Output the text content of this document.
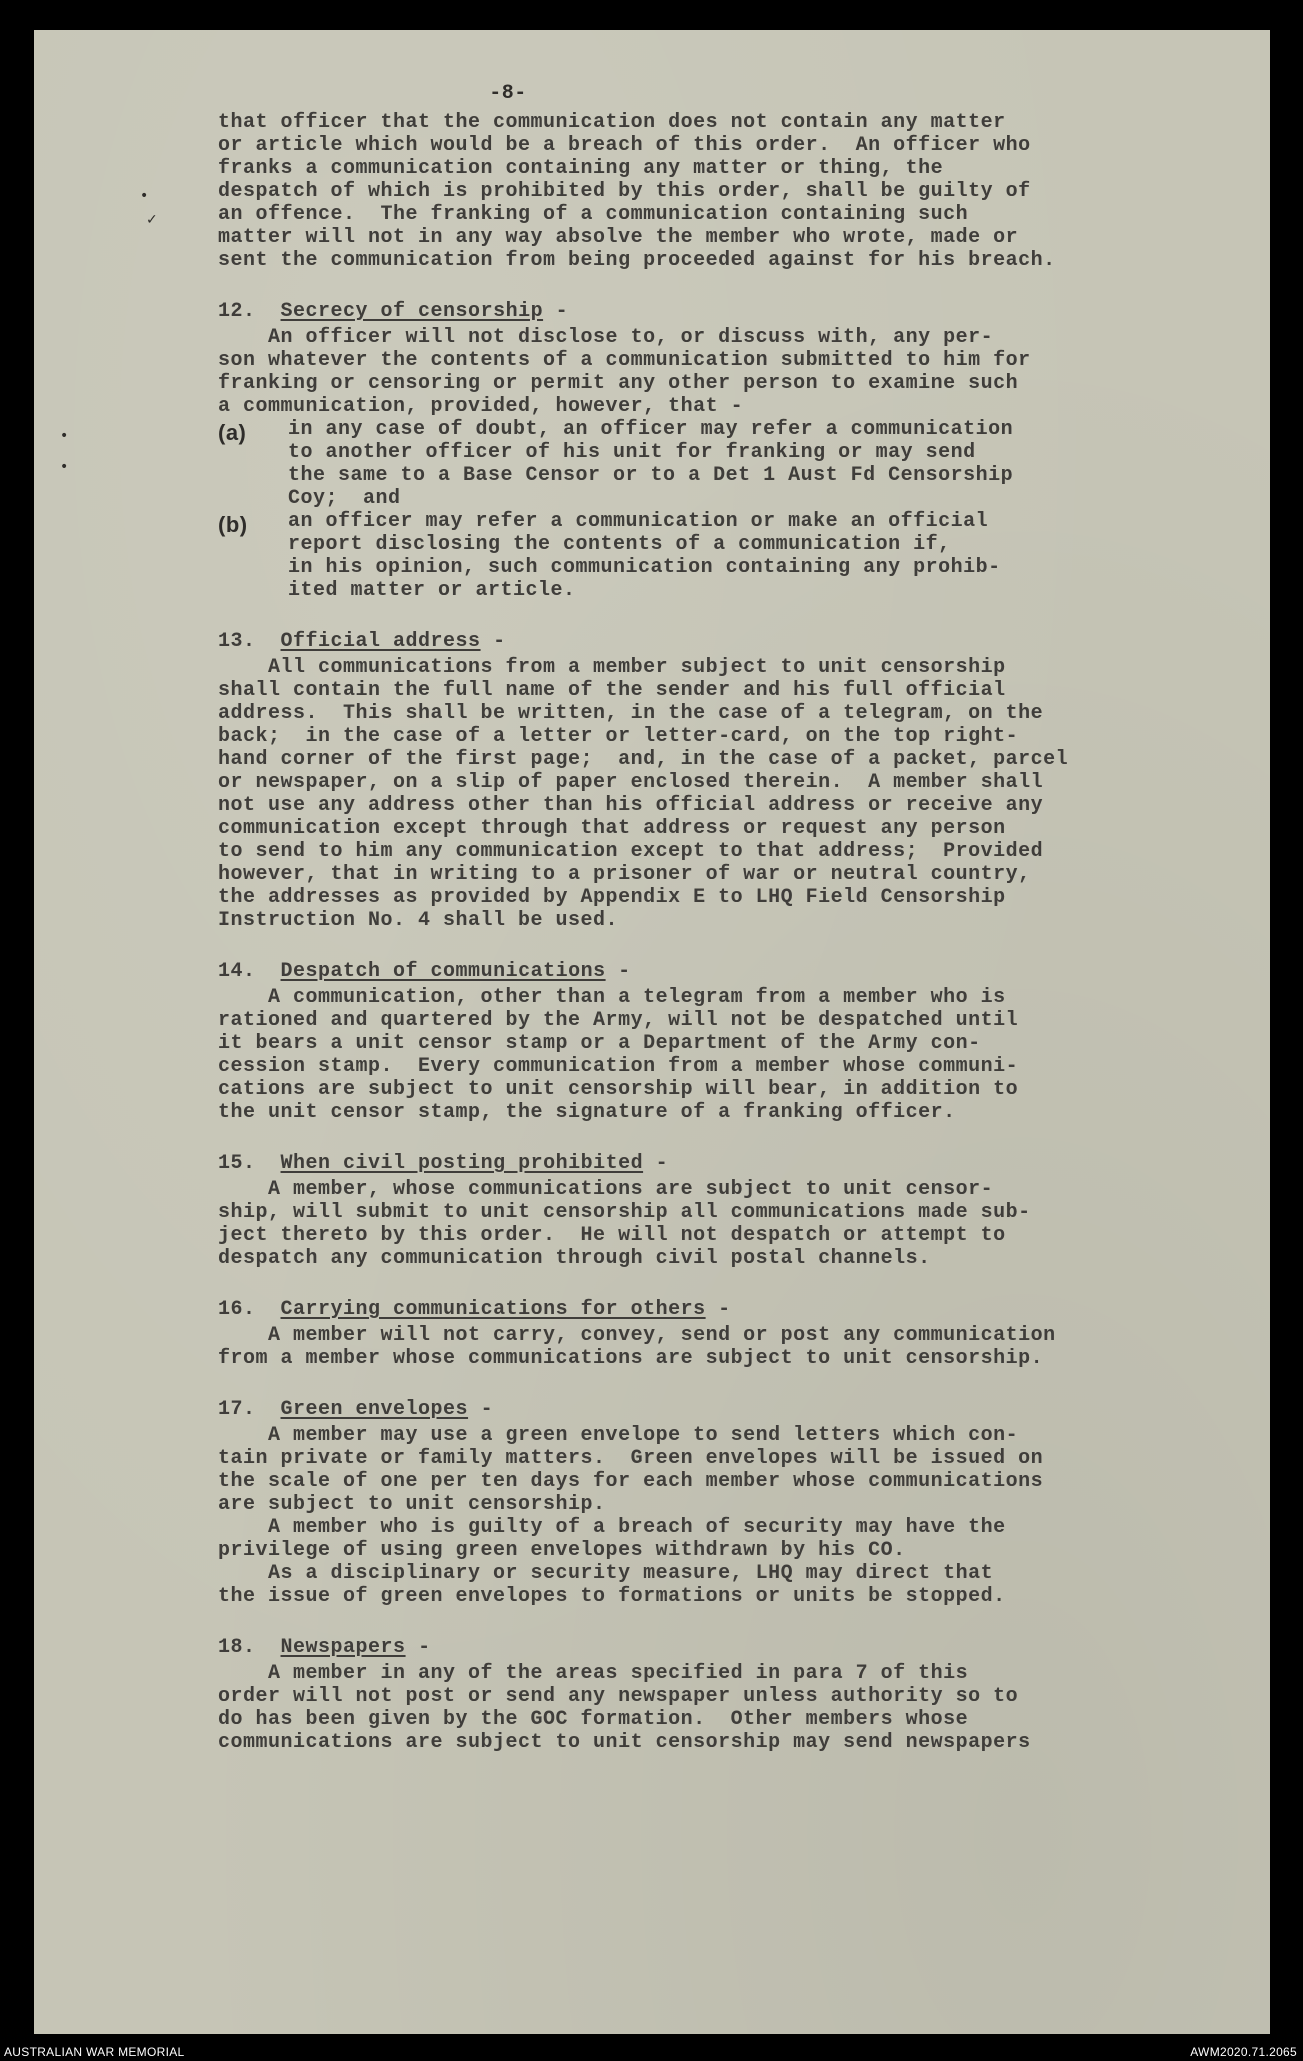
•
✓
•
•
-8-
that officer that the communication does not contain any matter
or article which would be a breach of this order.  An officer who
franks a communication containing any matter or thing, the
despatch of which is prohibited by this order, shall be guilty of
an offence.  The franking of a communication containing such
matter will not in any way absolve the member who wrote, made or
sent the communication from being proceeded against for his breach.
12. Secrecy of censorship -
An officer will not disclose to, or discuss with, any per-
son whatever the contents of a communication submitted to him for
franking or censoring or permit any other person to examine such
a communication, provided, however, that -
(a) in any case of doubt, an officer may refer a communication
to another officer of his unit for franking or may send
the same to a Base Censor or to a Det 1 Aust Fd Censorship
Coy;  and
(b) an officer may refer a communication or make an official
report disclosing the contents of a communication if,
in his opinion, such communication containing any prohib-
ited matter or article.
13. Official address -
All communications from a member subject to unit censorship
shall contain the full name of the sender and his full official
address.  This shall be written, in the case of a telegram, on the
back;  in the case of a letter or letter-card, on the top right-
hand corner of the first page;  and, in the case of a packet, parcel
or newspaper, on a slip of paper enclosed therein.  A member shall
not use any address other than his official address or receive any
communication except through that address or request any person
to send to him any communication except to that address;  Provided
however, that in writing to a prisoner of war or neutral country,
the addresses as provided by Appendix E to LHQ Field Censorship
Instruction No. 4 shall be used.
14. Despatch of communications -
A communication, other than a telegram from a member who is
rationed and quartered by the Army, will not be despatched until
it bears a unit censor stamp or a Department of the Army con-
cession stamp.  Every communication from a member whose communi-
cations are subject to unit censorship will bear, in addition to
the unit censor stamp, the signature of a franking officer.
15. When civil posting prohibited -
A member, whose communications are subject to unit censor-
ship, will submit to unit censorship all communications made sub-
ject thereto by this order.  He will not despatch or attempt to
despatch any communication through civil postal channels.
16. Carrying communications for others -
A member will not carry, convey, send or post any communication
from a member whose communications are subject to unit censorship.
17. Green envelopes -
A member may use a green envelope to send letters which con-
tain private or family matters.  Green envelopes will be issued on
the scale of one per ten days for each member whose communications
are subject to unit censorship.
A member who is guilty of a breach of security may have the
privilege of using green envelopes withdrawn by his CO.
As a disciplinary or security measure, LHQ may direct that
the issue of green envelopes to formations or units be stopped.
18. Newspapers -
A member in any of the areas specified in para 7 of this
order will not post or send any newspaper unless authority so to
do has been given by the GOC formation.  Other members whose
communications are subject to unit censorship may send newspapers
AUSTRALIAN WAR MEMORIAL	AWM2020.71.2065
